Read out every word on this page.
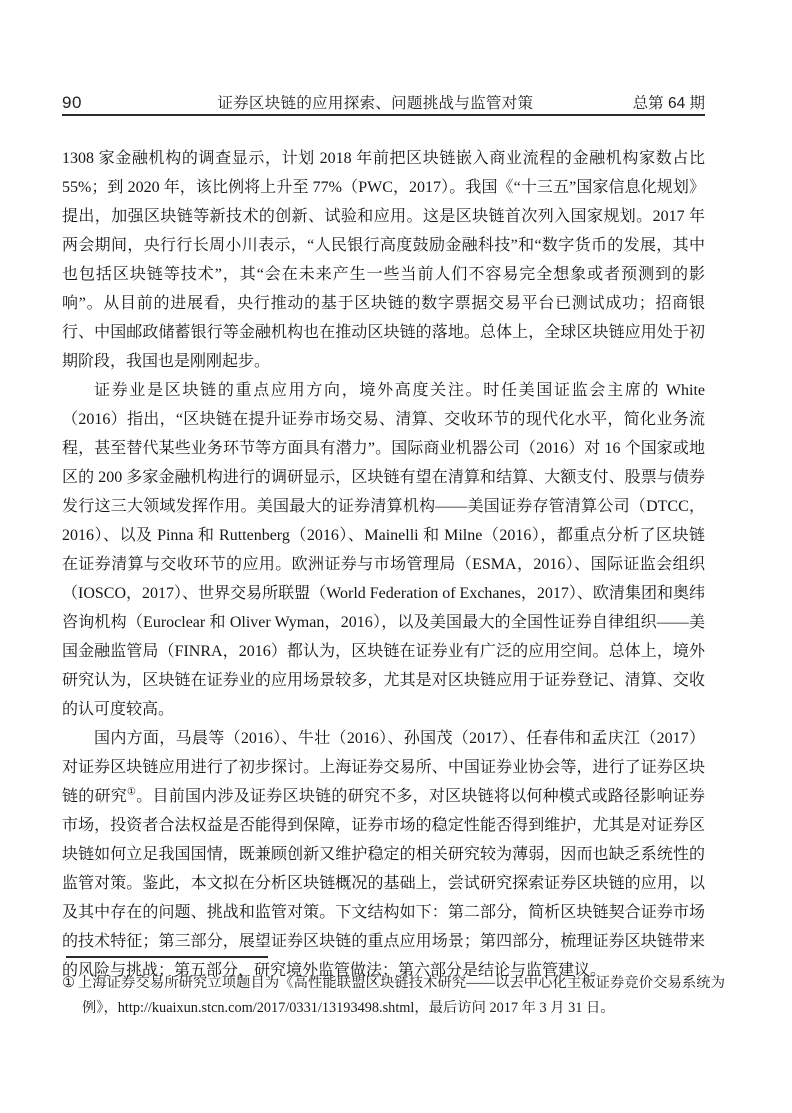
90	证券区块链的应用探索、问题挑战与监管对策	总第 64 期

1308 家金融机构的调查显示，计划 2018 年前把区块链嵌入商业流程的金融机构家数占比 55%；到 2020 年，该比例将上升至 77%（PWC，2017）。我国《“十三五”国家信息化规划》提出，加强区块链等新技术的创新、试验和应用。这是区块链首次列入国家规划。2017 年两会期间，央行行长周小川表示，“人民银行高度鼓励金融科技”和“数字货币的发展，其中也包括区块链等技术”，其“会在未来产生一些当前人们不容易完全想象或者预测到的影响”。从目前的进展看，央行推动的基于区块链的数字票据交易平台已测试成功；招商银行、中国邮政储蓄银行等金融机构也在推动区块链的落地。总体上，全球区块链应用处于初期阶段，我国也是刚刚起步。

证券业是区块链的重点应用方向，境外高度关注。时任美国证监会主席的 White（2016）指出，“区块链在提升证券市场交易、清算、交收环节的现代化水平，简化业务流程，甚至替代某些业务环节等方面具有潜力”。国际商业机器公司（2016）对 16 个国家或地区的 200 多家金融机构进行的调研显示，区块链有望在清算和结算、大额支付、股票与债券发行这三大领域发挥作用。美国最大的证券清算机构——美国证券存管清算公司（DTCC，2016）、以及 Pinna 和 Ruttenberg（2016）、Mainelli 和 Milne（2016），都重点分析了区块链在证券清算与交收环节的应用。欧洲证券与市场管理局（ESMA，2016）、国际证监会组织（IOSCO，2017）、世界交易所联盟（World Federation of Exchanes，2017）、欧清集团和奥纬咨询机构（Euroclear 和 Oliver Wyman，2016），以及美国最大的全国性证券自律组织——美国金融监管局（FINRA，2016）都认为，区块链在证券业有广泛的应用空间。总体上，境外研究认为，区块链在证券业的应用场景较多，尤其是对区块链应用于证券登记、清算、交收的认可度较高。

国内方面，马晨等（2016）、牛壮（2016）、孙国茂（2017）、任春伟和孟庆江（2017）对证券区块链应用进行了初步探讨。上海证券交易所、中国证券业协会等，进行了证券区块链的研究①。目前国内涉及证券区块链的研究不多，对区块链将以何种模式或路径影响证券市场，投资者合法权益是否能得到保障，证券市场的稳定性能否得到维护，尤其是对证券区块链如何立足我国国情，既兼顾创新又维护稳定的相关研究较为薄弱，因而也缺乏系统性的监管对策。鉴此，本文拟在分析区块链概况的基础上，尝试研究探索证券区块链的应用，以及其中存在的问题、挑战和监管对策。下文结构如下：第二部分，简析区块链契合证券市场的技术特征；第三部分，展望证券区块链的重点应用场景；第四部分，梳理证券区块链带来的风险与挑战；第五部分，研究境外监管做法；第六部分是结论与监管建议。

① 上海证券交易所研究立项题目为《高性能联盟区块链技术研究——以去中心化主板证券竞价交易系统为例》，http://kuaixun.stcn.com/2017/0331/13193498.shtml，最后访问 2017 年 3 月 31 日。
